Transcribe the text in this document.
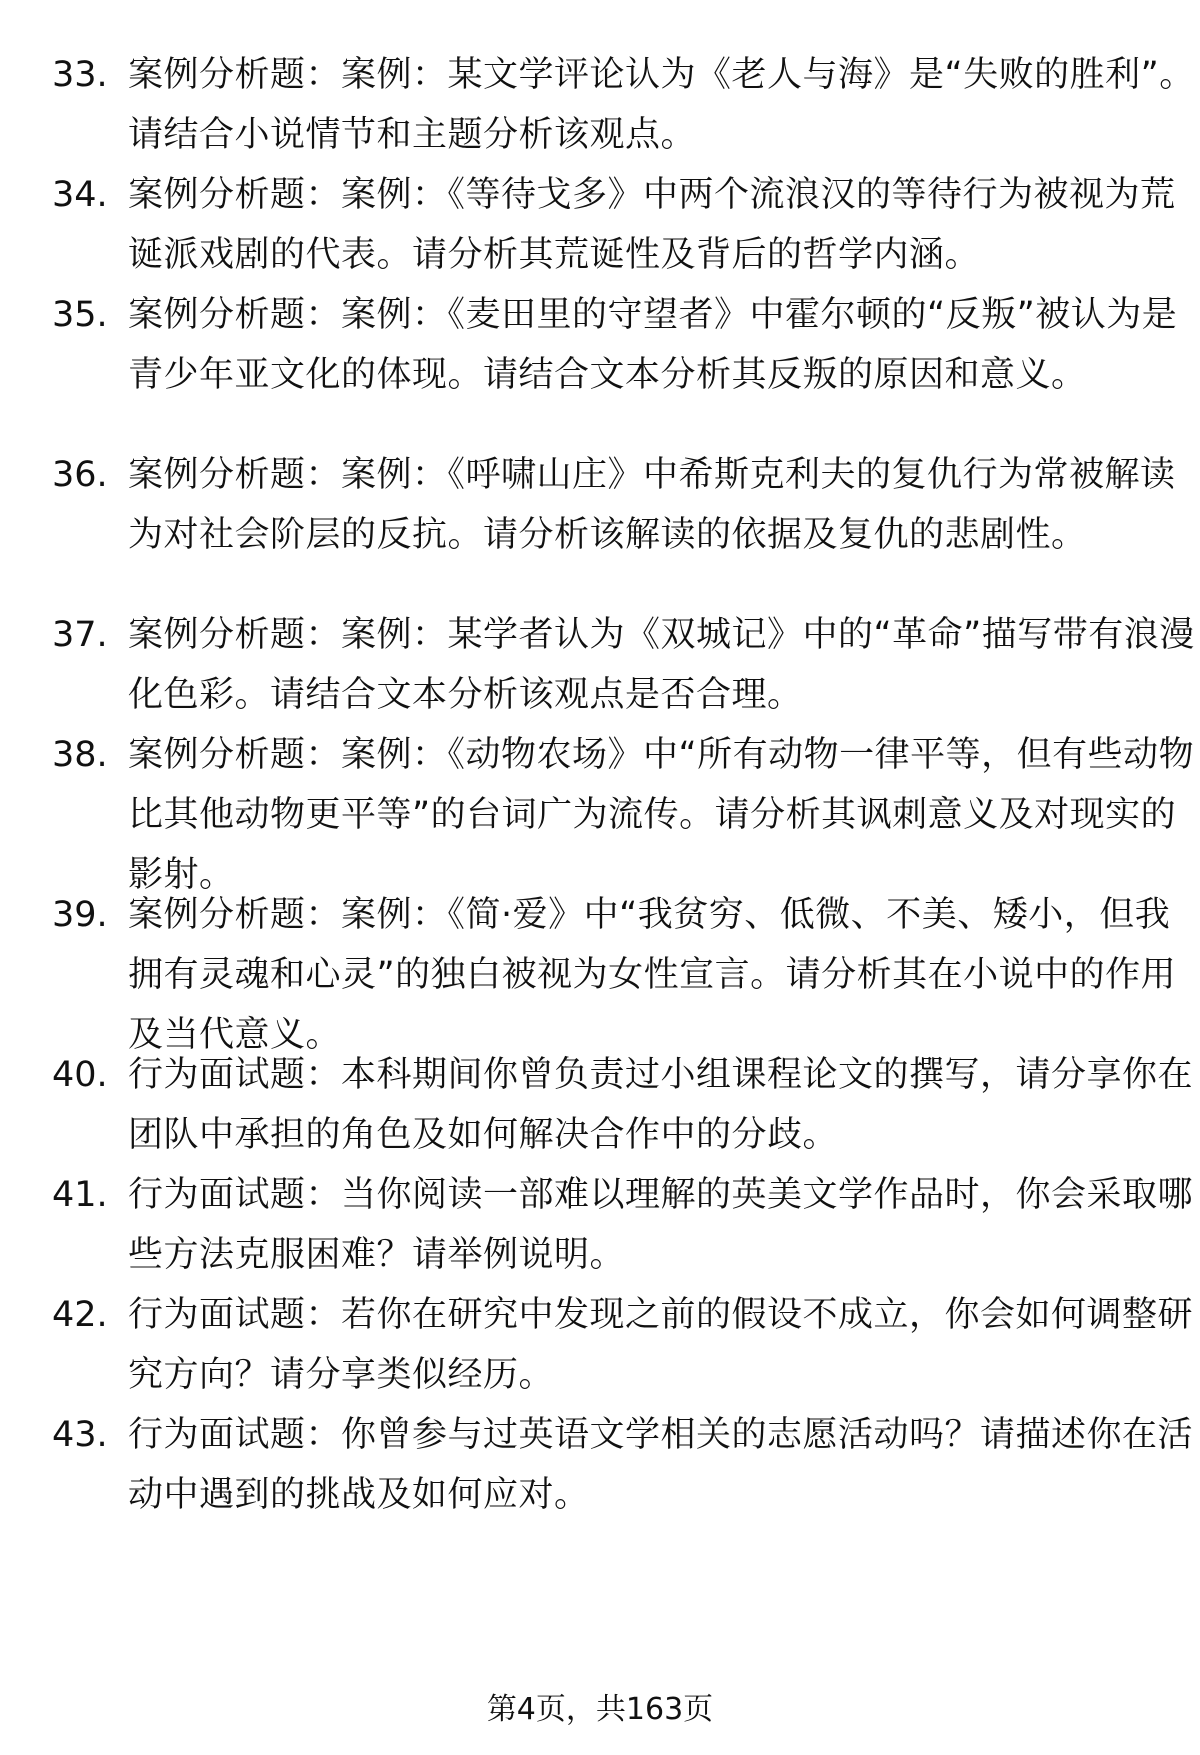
33. 案例分析题：案例：某文学评论认为《老人与海》是“失败的胜利”。请结合小说情节和主题分析该观点。
34. 案例分析题：案例：《等待戈多》中两个流浪汉的等待行为被视为荒诞派戏剧的代表。请分析其荒诞性及背后的哲学内涵。
35. 案例分析题：案例：《麦田里的守望者》中霍尔顿的“反叛”被认为是青少年亚文化的体现。请结合文本分析其反叛的原因和意义。
36. 案例分析题：案例：《呼啸山庄》中希斯克利夫的复仇行为常被解读为对社会阶层的反抗。请分析该解读的依据及复仇的悲剧性。
37. 案例分析题：案例：某学者认为《双城记》中的“革命”描写带有浪漫化色彩。请结合文本分析该观点是否合理。
38. 案例分析题：案例：《动物农场》中“所有动物一律平等，但有些动物比其他动物更平等”的台词广为流传。请分析其讽刺意义及对现实的影射。
39. 案例分析题：案例：《简·爱》中“我贫穷、低微、不美、矮小，但我拥有灵魂和心灵”的独白被视为女性宣言。请分析其在小说中的作用及当代意义。
40. 行为面试题：本科期间你曾负责过小组课程论文的撰写，请分享你在团队中承担的角色及如何解决合作中的分歧。
41. 行为面试题：当你阅读一部难以理解的英美文学作品时，你会采取哪些方法克服困难？请举例说明。
42. 行为面试题：若你在研究中发现之前的假设不成立，你会如何调整研究方向？请分享类似经历。
43. 行为面试题：你曾参与过英语文学相关的志愿活动吗？请描述你在活动中遇到的挑战及如何应对。
第4页，共163页
